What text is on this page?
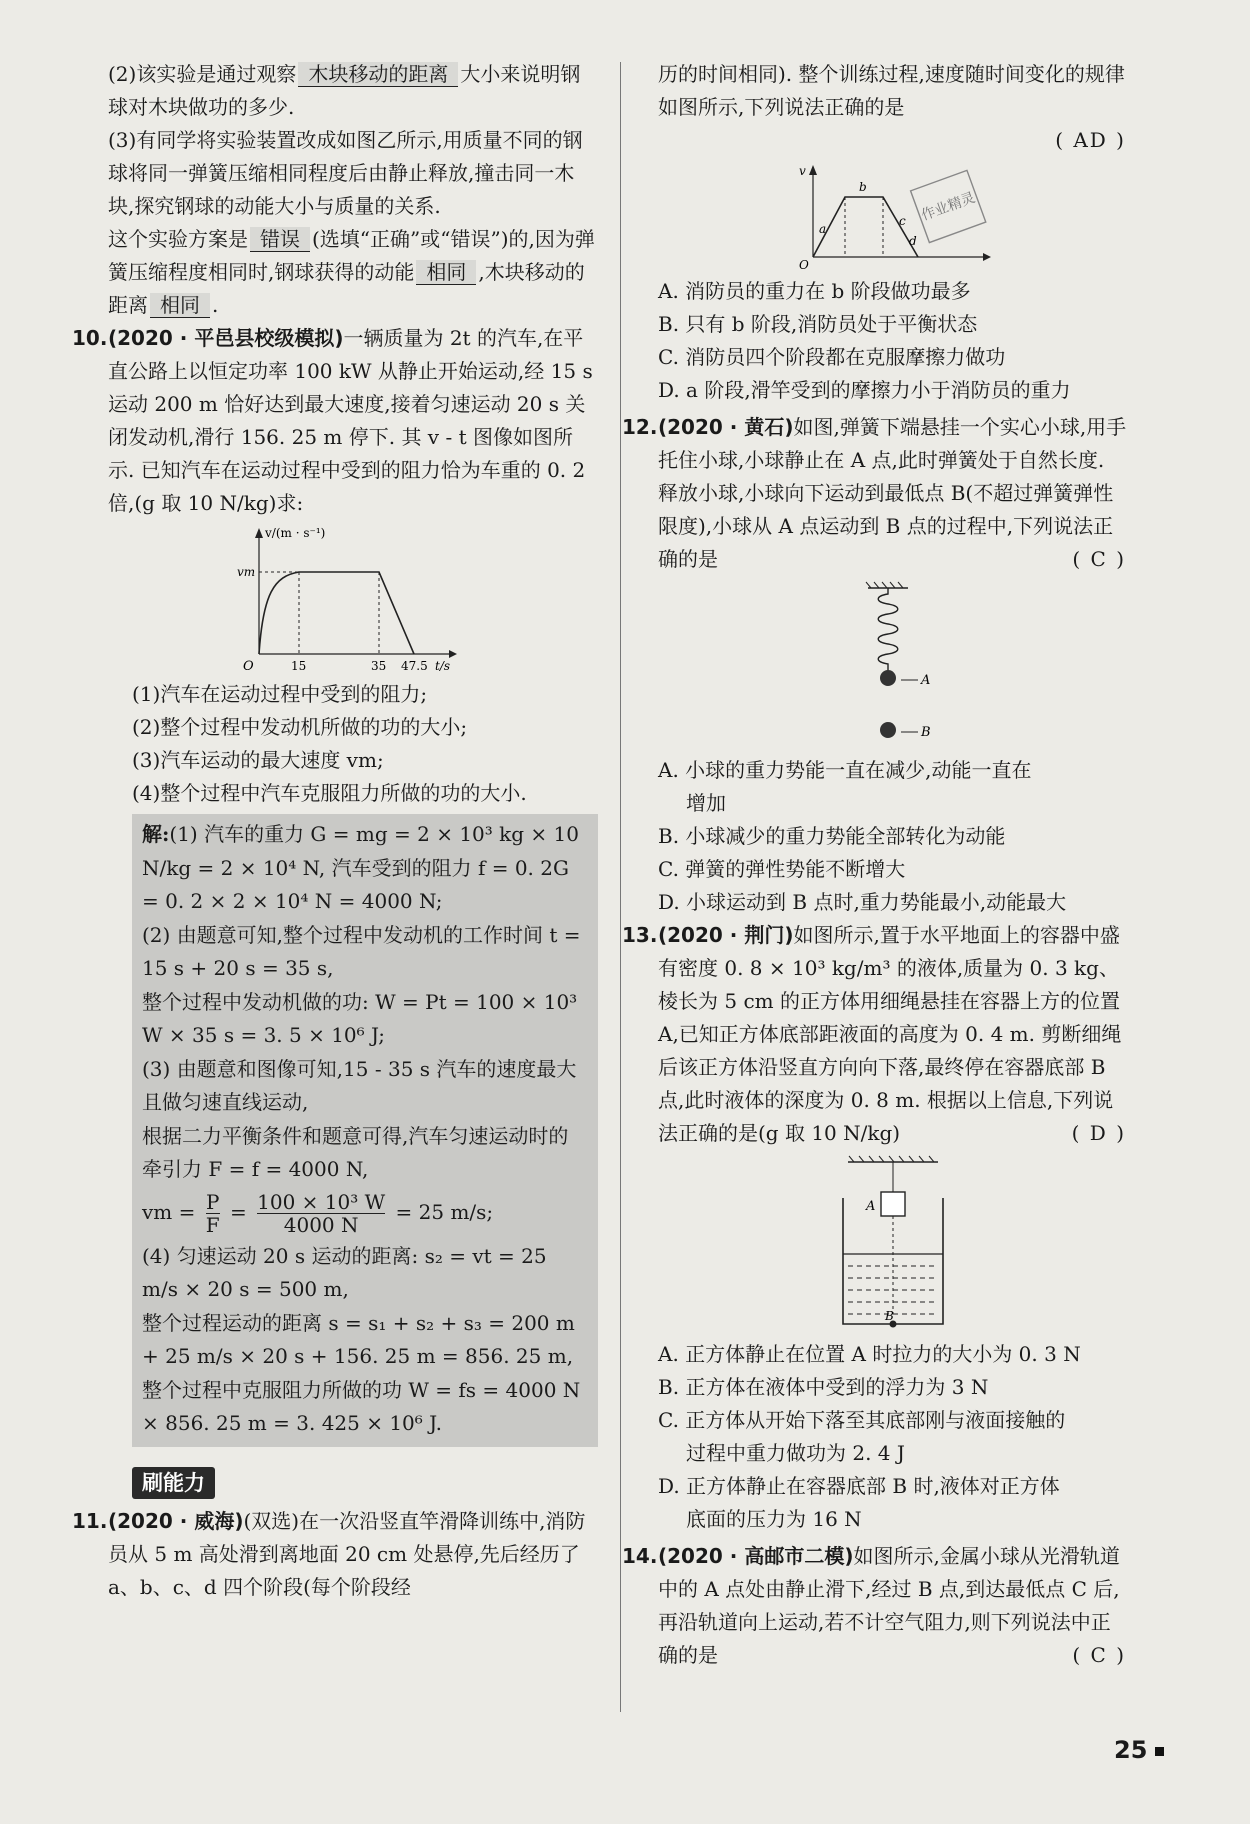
(2)该实验是通过观察 木块移动的距离 大小来说明钢球对木块做功的多少.

(3)有同学将实验装置改成如图乙所示,用质量不同的钢球将同一弹簧压缩相同程度后由静止释放,撞击同一木块,探究钢球的动能大小与质量的关系.

这个实验方案是 错误 (选填“正确”或“错误”)的,因为弹簧压缩程度相同时,钢球获得的动能 相同 ,木块移动的距离 相同 .

10. (2020 · 平邑县校级模拟)一辆质量为 2t 的汽车,在平直公路上以恒定功率 100 kW 从静止开始运动,经 15 s 运动 200 m 恰好达到最大速度,接着匀速运动 20 s 关闭发动机,滑行 156. 25 m 停下. 其 v - t 图像如图所示. 已知汽车在运动过程中受到的阻力恰为车重的 0. 2 倍,(g 取 10 N/kg)求:
v/(m · s⁻¹)
vm
O	15	35 47.5 t/s

(1)汽车在运动过程中受到的阻力;

(2)整个过程中发动机所做的功的大小;

(3)汽车运动的最大速度 vm;

(4)整个过程中汽车克服阻力所做的功的大小.

解:(1) 汽车的重力 G = mg = 2 × 10³ kg × 10 N/kg = 2 × 10⁴ N, 汽车受到的阻力 f = 0. 2G = 0. 2 × 2 × 10⁴ N = 4000 N;

(2) 由题意可知,整个过程中发动机的工作时间 t = 15 s + 20 s = 35 s,

整个过程中发动机做的功: W = Pt = 100 × 10³ W × 35 s = 3. 5 × 10⁶ J;

(3) 由题意和图像可知,15 - 35 s 汽车的速度最大且做匀速直线运动,

根据二力平衡条件和题意可得,汽车匀速运动时的牵引力 F = f = 4000 N,

vm = $\frac{P}{F} = \frac{\text{100 × 10³ W}}{4000 N} = 25$ m/s;

(4) 匀速运动 20 s 运动的距离: s₂ = vt = 25 m/s × 20 s = 500 m,

整个过程运动的距离 s = s₁ + s₂ + s₃ = 200 m + 25 m/s × 20 s + 156. 25 m = 856. 25 m,

整个过程中克服阻力所做的功 W = fs = 4000 N × 856. 25 m = 3. 425 × 10⁶ J.

刷能力
11. (2020 · 威海)(双选)在一次沿竖直竿滑降训练中,消防员从 5 m 高处滑到离地面 20 cm 处悬停,先后经历了 a、b、c、d 四个阶段(每个阶段经

历的时间相同). 整个训练过程,速度随时间变化的规律如图所示,下列说法正确的是

( AD )

v
O
a
b
c
d
作业精灵

A. 消防员的重力在 b 阶段做功最多

B. 只有 b 阶段,消防员处于平衡状态

C. 消防员四个阶段都在克服摩擦力做功

D. a 阶段,滑竿受到的摩擦力小于消防员的重力

12. (2020 · 黄石)如图,弹簧下端悬挂一个实心小球,用手托住小球,小球静止在 A 点,此时弹簧处于自然长度. 释放小球,小球向下运动到最低点 B(不超过弹簧弹性限度),小球从 A 点运动到 B 点的过程中,下列说法正确的是	( C )
A
B

A. 小球的重力势能一直在减少,动能一直在

增加

B. 小球减少的重力势能全部转化为动能

C. 弹簧的弹性势能不断增大

D. 小球运动到 B 点时,重力势能最小,动能最大

13. (2020 · 荆门)如图所示,置于水平地面上的容器中盛有密度 0. 8 × 10³ kg/m³ 的液体,质量为 0. 3 kg、棱长为 5 cm 的正方体用细绳悬挂在容器上方的位置 A,已知正方体底部距液面的高度为 0. 4 m. 剪断细绳后该正方体沿竖直方向向下落,最终停在容器底部 B 点,此时液体的深度为 0. 8 m. 根据以上信息,下列说法正确的是(g 取 10 N/kg)	( D )
A
B

A. 正方体静止在位置 A 时拉力的大小为 0. 3 N

B. 正方体在液体中受到的浮力为 3 N

C. 正方体从开始下落至其底部刚与液面接触的

过程中重力做功为 2. 4 J

D. 正方体静止在容器底部 B 时,液体对正方体

底面的压力为 16 N

14. (2020 · 高邮市二模)如图所示,金属小球从光滑轨道中的 A 点处由静止滑下,经过 B 点,到达最低点 C 后,再沿轨道向上运动,若不计空气阻力,则下列说法中正确的是	( C )
25
